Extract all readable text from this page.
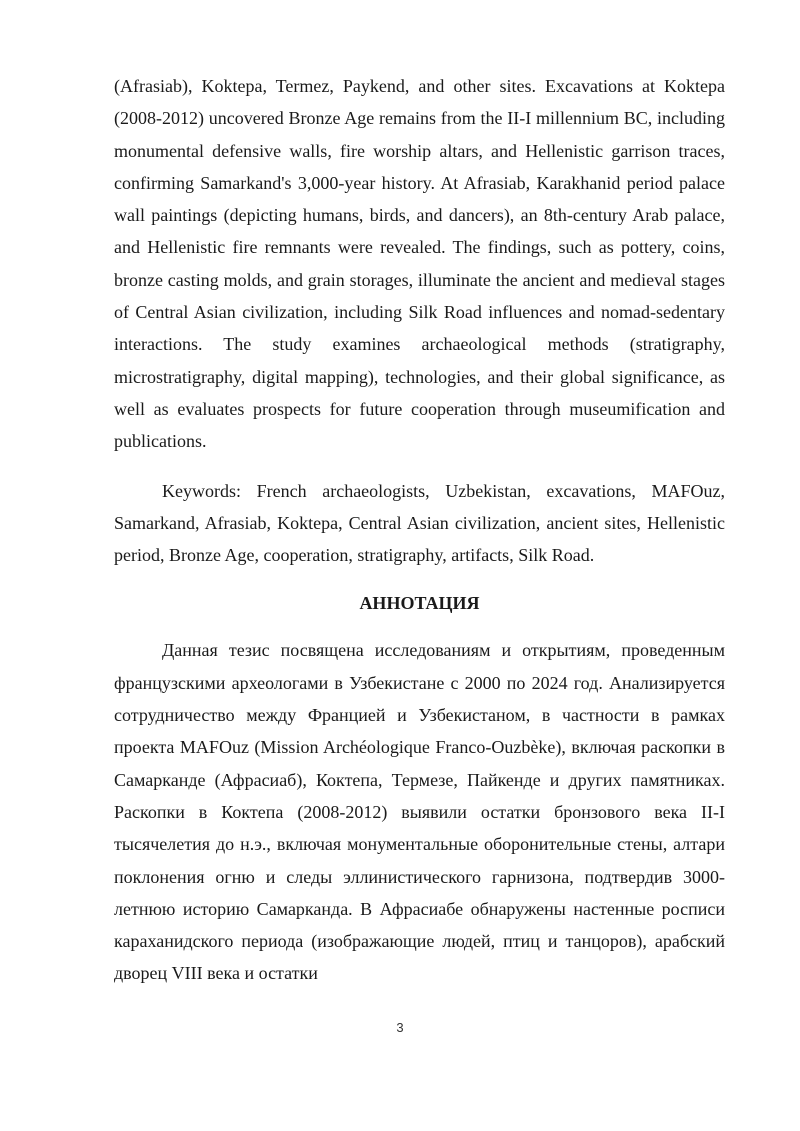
(Afrasiab), Koktepa, Termez, Paykend, and other sites. Excavations at Koktepa (2008-2012) uncovered Bronze Age remains from the II-I millennium BC, including monumental defensive walls, fire worship altars, and Hellenistic garrison traces, confirming Samarkand's 3,000-year history. At Afrasiab, Karakhanid period palace wall paintings (depicting humans, birds, and dancers), an 8th-century Arab palace, and Hellenistic fire remnants were revealed. The findings, such as pottery, coins, bronze casting molds, and grain storages, illuminate the ancient and medieval stages of Central Asian civilization, including Silk Road influences and nomad-sedentary interactions. The study examines archaeological methods (stratigraphy, microstratigraphy, digital mapping), technologies, and their global significance, as well as evaluates prospects for future cooperation through museumification and publications.

Keywords: French archaeologists, Uzbekistan, excavations, MAFOuz, Samarkand, Afrasiab, Koktepa, Central Asian civilization, ancient sites, Hellenistic period, Bronze Age, cooperation, stratigraphy, artifacts, Silk Road.

АННОТАЦИЯ

Данная тезис посвящена исследованиям и открытиям, проведенным французскими археологами в Узбекистане с 2000 по 2024 год. Анализируется сотрудничество между Францией и Узбекистаном, в частности в рамках проекта MAFOuz (Mission Archéologique Franco-Ouzbèke), включая раскопки в Самарканде (Афрасиаб), Коктепа, Термезе, Пайкенде и других памятниках. Раскопки в Коктепа (2008-2012) выявили остатки бронзового века II-I тысячелетия до н.э., включая монументальные оборонительные стены, алтари поклонения огню и следы эллинистического гарнизона, подтвердив 3000-летнюю историю Самарканда. В Афрасиабе обнаружены настенные росписи караханидского периода (изображающие людей, птиц и танцоров), арабский дворец VIII века и остатки

3
